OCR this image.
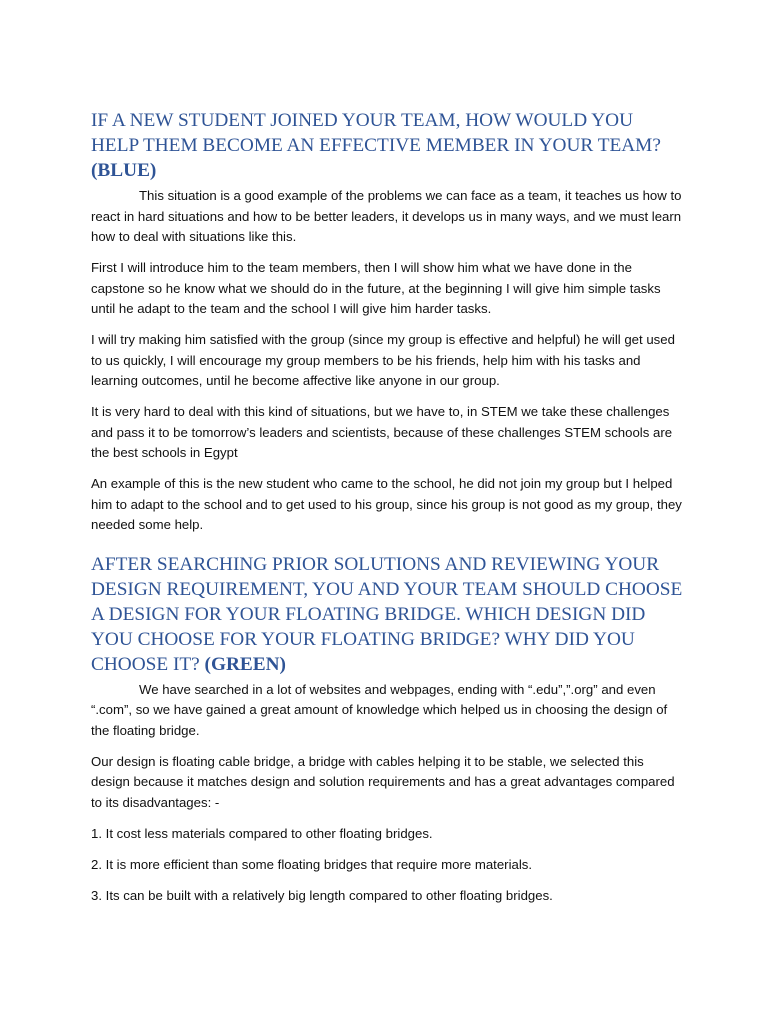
IF A NEW STUDENT JOINED YOUR TEAM, HOW WOULD YOU HELP THEM BECOME AN EFFECTIVE MEMBER IN YOUR TEAM? (BLUE)

This situation is a good example of the problems we can face as a team, it teaches us how to react in hard situations and how to be better leaders, it develops us in many ways, and we must learn how to deal with situations like this.

First I will introduce him to the team members, then I will show him what we have done in the capstone so he know what we should do in the future, at the beginning I will give him simple tasks until he adapt to the team and the school I will give him harder tasks.

I will try making him satisfied with the group (since my group is effective and helpful) he will get used to us quickly, I will encourage my group members to be his friends, help him with his tasks and learning outcomes, until he become affective like anyone in our group.

It is very hard to deal with this kind of situations, but we have to, in STEM we take these challenges and pass it to be tomorrow’s leaders and scientists, because of these challenges STEM schools are the best schools in Egypt

An example of this is the new student who came to the school, he did not join my group but I helped him to adapt to the school and to get used to his group, since his group is not good as my group, they needed some help.

AFTER SEARCHING PRIOR SOLUTIONS AND REVIEWING YOUR DESIGN REQUIREMENT, YOU AND YOUR TEAM SHOULD CHOOSE A DESIGN FOR YOUR FLOATING BRIDGE. WHICH DESIGN DID YOU CHOOSE FOR YOUR FLOATING BRIDGE? WHY DID YOU CHOOSE IT? (GREEN)

We have searched in a lot of websites and webpages, ending with “.edu”,”.org” and even “.com”, so we have gained a great amount of knowledge which helped us in choosing the design of the floating bridge.

Our design is floating cable bridge, a bridge with cables helping it to be stable, we selected this design because it matches design and solution requirements and has a great advantages compared to its disadvantages: -

1. It cost less materials compared to other floating bridges.

2. It is more efficient than some floating bridges that require more materials.

3. Its can be built with a relatively big length compared to other floating bridges.
